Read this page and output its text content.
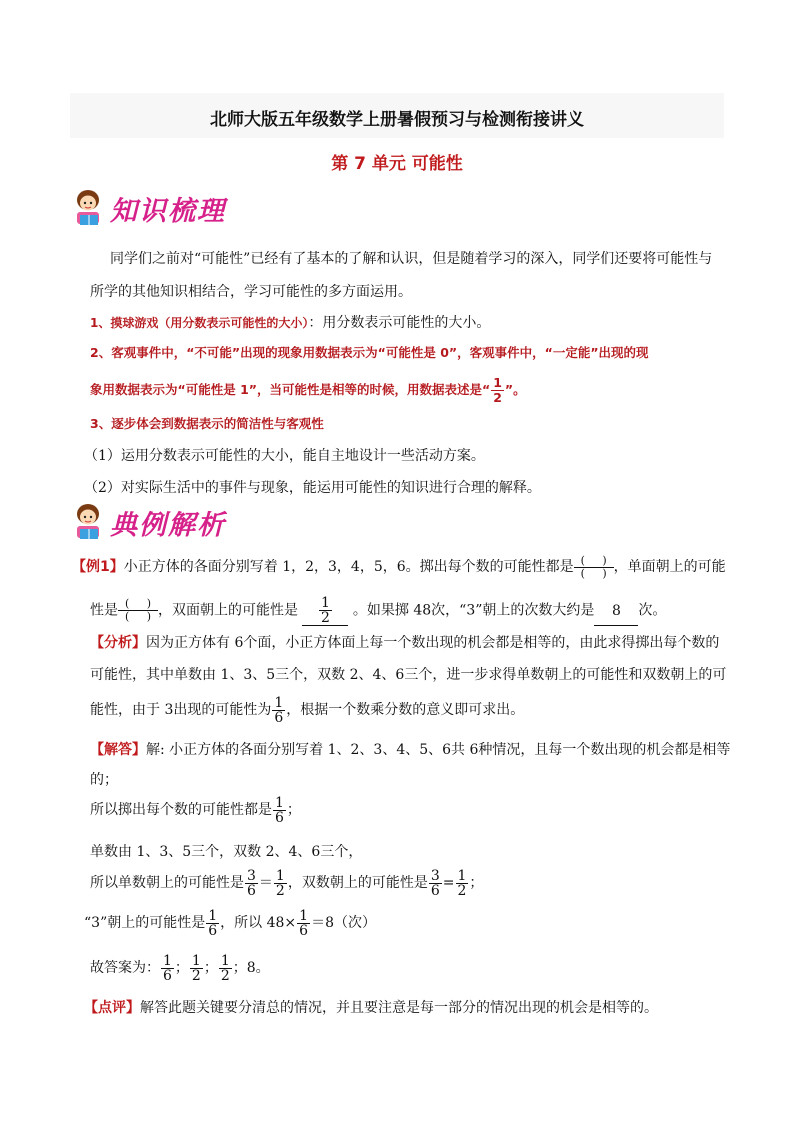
北师大版五年级数学上册暑假预习与检测衔接讲义
第 7 单元 可能性
知识梳理
同学们之前对“可能性”已经有了基本的了解和认识，但是随着学习的深入，同学们还要将可能性与
所学的其他知识相结合，学习可能性的多方面运用。
1、摸球游戏（用分数表示可能性的大小）：用分数表示可能性的大小。
2、客观事件中，“不可能”出现的现象用数据表示为“可能性是 0”，客观事件中，“一定能”出现的现
象用数据表示为“可能性是 1”，当可能性是相等的时候，用数据表述是“ $\frac{1}{2}$ ”。
3、逐步体会到数据表示的简洁性与客观性
（1）运用分数表示可能性的大小，能自主地设计一些活动方案。
（2）对实际生活中的事件与现象，能运用可能性的知识进行合理的解释。
典例解析
【例1】小正方体的各面分别写着 1，2，3，4，5，6。掷出每个数的可能性都是 $\frac{( )}{( )}$ ，单面朝上的可能
性是 $\frac{( )}{( )}$ ，双面朝上的可能性是 $\frac{1}{2}$ 。如果掷 48次，“3”朝上的次数大约是 8 次。
【分析】因为正方体有 6个面，小正方体面上每一个数出现的机会都是相等的，由此求得掷出每个数的
可能性，其中单数由 1、3、5三个，双数 2、4、6三个，进一步求得单数朝上的可能性和双数朝上的可
能性，由于 3出现的可能性为 $\frac{1}{6}$ ，根据一个数乘分数的意义即可求出。
【解答】解: 小正方体的各面分别写着 1、2、3、4、5、6共 6种情况，且每一个数出现的机会都是相等
的；
所以掷出每个数的可能性都是 $\frac{1}{6}$ ；
单数由 1、3、5三个，双数 2、4、6三个，
所以单数朝上的可能性是 $\frac{3}{6} = \frac{1}{2}$ ，双数朝上的可能性是 $\frac{3}{6} = \frac{1}{2}$ ；
“3”朝上的可能性是 $\frac{1}{6}$ ，所以 $48\times \frac{1}{6} =8$（次）
故答案为： $\frac{1}{6}$ ； $\frac{1}{2}$ ； $\frac{1}{2}$ ；8。
【点评】解答此题关键要分清总的情况，并且要注意是每一部分的情况出现的机会是相等的。
